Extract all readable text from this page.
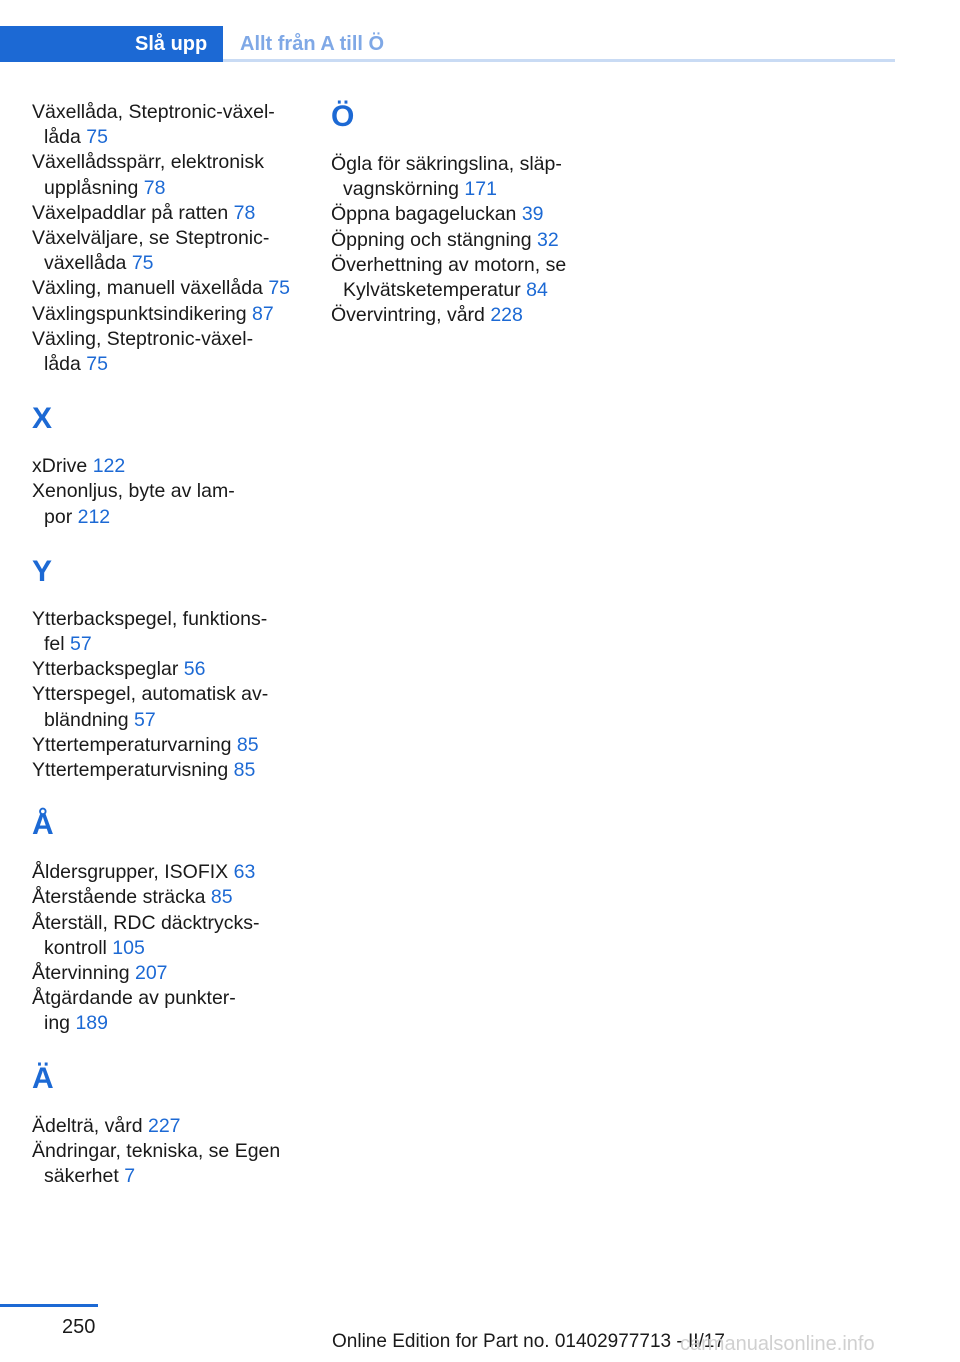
Slå upp Allt från A till Ö
Växellåda, Steptronic-växel-
låda 75
Växellådsspärr, elektronisk
upplåsning 78
Växelpaddlar på ratten 78
Växelväljare, se Steptronic-
växellåda 75
Växling, manuell växellåda 75
Växlingspunktsindikering 87
Växling, Steptronic-växel-
låda 75
X
xDrive 122
Xenonljus, byte av lam-
por 212
Y
Ytterbackspegel, funktions-
fel 57
Ytterbackspeglar 56
Ytterspegel, automatisk av-
bländning 57
Yttertemperaturvarning 85
Yttertemperaturvisning 85
Å
Åldersgrupper, ISOFIX 63
Återstående sträcka 85
Återställ, RDC däcktrycks-
kontroll 105
Återvinning 207
Åtgärdande av punkter-
ing 189
Ä
Ädelträ, vård 227
Ändringar, tekniska, se Egen
säkerhet 7
Ö
Ögla för säkringslina, släp-
vagnskörning 171
Öppna bagageluckan 39
Öppning och stängning 32
Överhettning av motorn, se
Kylvätsketemperatur 84
Övervintring, vård 228
250
Online Edition for Part no. 01402977713 - II/17
carmanualsonline.info
